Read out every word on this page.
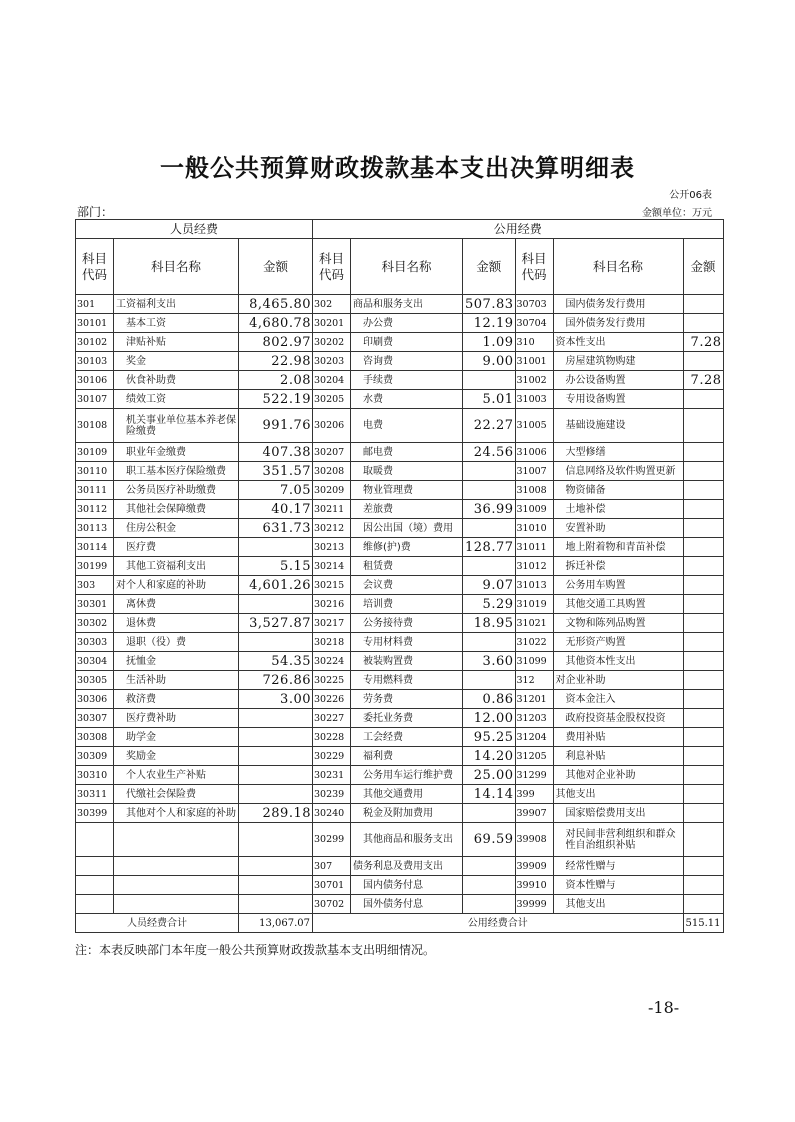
一般公共预算财政拨款基本支出决算明细表
公开06表
部门：	金额单位：万元
人员经费			公用经费					
科目代码	科目名称	金额	科目代码	科目名称	金额	科目代码	科目名称	金额
301	工资福利支出	8,465.80	302	商品和服务支出	507.83	30703	国内债务发行费用	
30101	基本工资	4,680.78	30201	办公费	12.19	30704	国外债务发行费用	
30102	津贴补贴	802.97	30202	印刷费	1.09	310	资本性支出	7.28
30103	奖金	22.98	30203	咨询费	9.00	31001	房屋建筑物购建	
30106	伙食补助费	2.08	30204	手续费		31002	办公设备购置	7.28
30107	绩效工资	522.19	30205	水费	5.01	31003	专用设备购置	
30108	机关事业单位基本养老保险缴费	991.76	30206	电费	22.27	31005	基础设施建设	
30109	职业年金缴费	407.38	30207	邮电费	24.56	31006	大型修缮	
30110	职工基本医疗保险缴费	351.57	30208	取暖费		31007	信息网络及软件购置更新	
30111	公务员医疗补助缴费	7.05	30209	物业管理费		31008	物资储备	
30112	其他社会保障缴费	40.17	30211	差旅费	36.99	31009	土地补偿	
30113	住房公积金	631.73	30212	因公出国（境）费用		31010	安置补助	
30114	医疗费		30213	维修(护)费	128.77	31011	地上附着物和青苗补偿	
30199	其他工资福利支出	5.15	30214	租赁费		31012	拆迁补偿	
303	对个人和家庭的补助	4,601.26	30215	会议费	9.07	31013	公务用车购置	
30301	离休费		30216	培训费	5.29	31019	其他交通工具购置	
30302	退休费	3,527.87	30217	公务接待费	18.95	31021	文物和陈列品购置	
30303	退职（役）费		30218	专用材料费		31022	无形资产购置	
30304	抚恤金	54.35	30224	被装购置费	3.60	31099	其他资本性支出	
30305	生活补助	726.86	30225	专用燃料费		312	对企业补助	
30306	救济费	3.00	30226	劳务费	0.86	31201	资本金注入	
30307	医疗费补助		30227	委托业务费	12.00	31203	政府投资基金股权投资	
30308	助学金		30228	工会经费	95.25	31204	费用补贴	
30309	奖励金		30229	福利费	14.20	31205	利息补贴	
30310	个人农业生产补贴		30231	公务用车运行维护费	25.00	31299	其他对企业补助	
30311	代缴社会保险费		30239	其他交通费用	14.14	399	其他支出	
30399	其他对个人和家庭的补助	289.18	30240	税金及附加费用		39907	国家赔偿费用支出	
			30299	其他商品和服务支出	69.59	39908	对民间非营利组织和群众性自治组织补贴	
			307	债务利息及费用支出		39909	经常性赠与	
			30701	国内债务付息		39910	资本性赠与	
			30702	国外债务付息		39999	其他支出	
人员经费合计		13,067.07	公用经费合计					515.11
注：本表反映部门本年度一般公共预算财政拨款基本支出明细情况。
-18-
